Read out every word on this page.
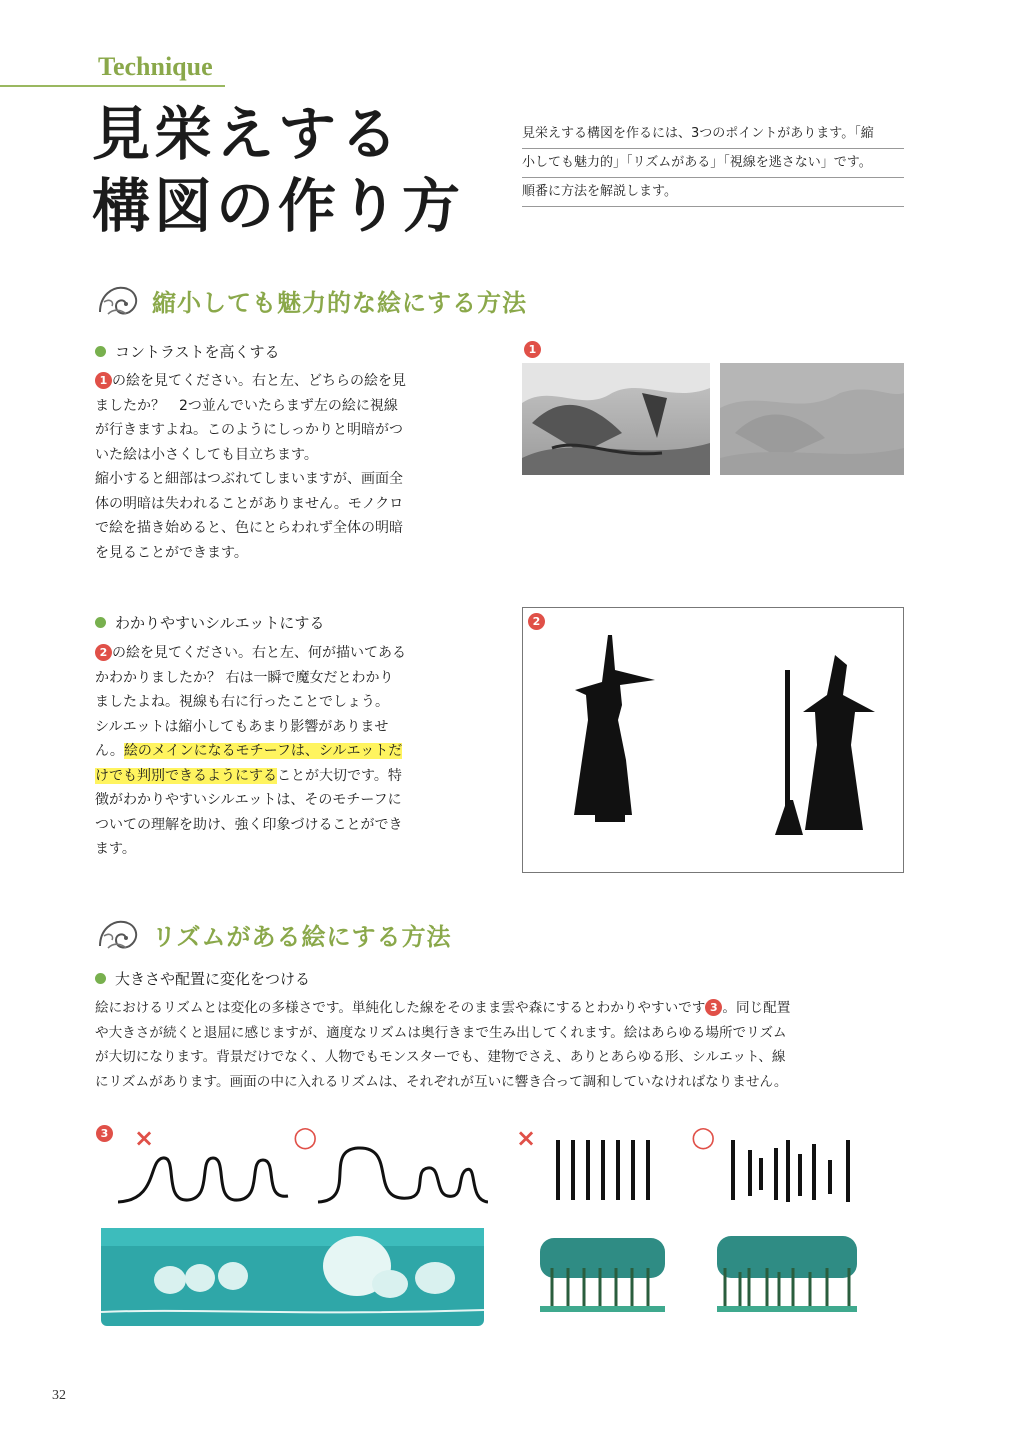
Technique
見栄えする
構図の作り方
見栄えする構図を作るには、3つのポイントがあります。「縮
小しても魅力的」「リズムがある」「視線を逃さない」です。
順番に方法を解説します。
縮小しても魅力的な絵にする方法
コントラストを高くする
1 の絵を見てください。右と左、どちらの絵を見
ましたか？　2つ並んでいたらまず左の絵に視線
が行きますよね。このようにしっかりと明暗がつ
いた絵は小さくしても目立ちます。
縮小すると細部はつぶれてしまいますが、画面全
体の明暗は失われることがありません。モノクロ
で絵を描き始めると、色にとらわれず全体の明暗
を見ることができます。
1
わかりやすいシルエットにする
2 の絵を見てください。右と左、何が描いてある
かわかりましたか？ 右は一瞬で魔女だとわかり
ましたよね。視線も右に行ったことでしょう。
シルエットは縮小してもあまり影響がありませ
ん。絵のメインになるモチーフは、シルエットだ
けでも判別できるようにすることが大切です。特
徴がわかりやすいシルエットは、そのモチーフに
ついての理解を助け、強く印象づけることができ
ます。
2
リズムがある絵にする方法
大きさや配置に変化をつける
絵におけるリズムとは変化の多様さです。単純化した線をそのまま雲や森にするとわかりやすいです 3 。同じ配置
や大きさが続くと退屈に感じますが、適度なリズムは奥行きまで生み出してくれます。絵はあらゆる場所でリズム
が大切になります。背景だけでなく、人物でもモンスターでも、建物でさえ、ありとあらゆる形、シルエット、線
にリズムがあります。画面の中に入れるリズムは、それぞれが互いに響き合って調和していなければなりません。
3 ×	○	×	○
32
